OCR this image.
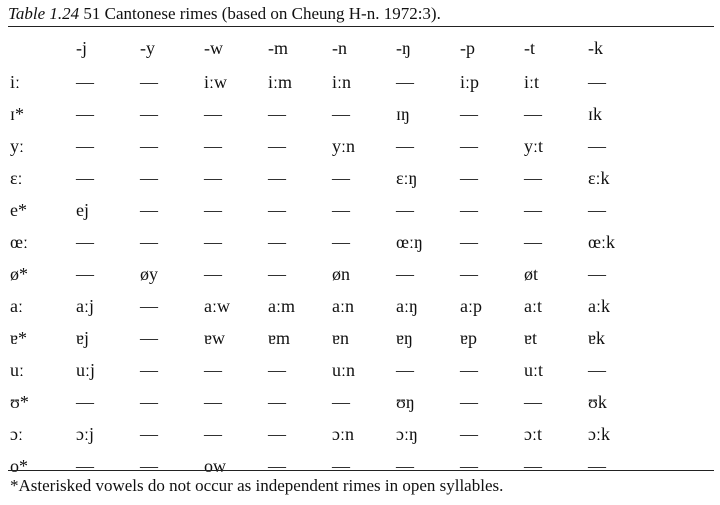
Table 1.24 51 Cantonese rimes (based on Cheung H-n. 1972:3).
	-j	-y	-w	-m	-n	-ŋ	-p	-t	-k
iː	—	—	iːw	iːm	iːn	—	iːp	iːt	—
ɪ*	—	—	—	—	—	ɪŋ	—	—	ɪk
yː	—	—	—	—	yːn	—	—	yːt	—
ɛː	—	—	—	—	—	ɛːŋ	—	—	ɛːk
e*	ej	—	—	—	—	—	—	—	—
œː	—	—	—	—	—	œːŋ	—	—	œːk
ø*	—	øy	—	—	øn	—	—	øt	—
aː	aːj	—	aːw	aːm	aːn	aːŋ	aːp	aːt	aːk
ɐ*	ɐj	—	ɐw	ɐm	ɐn	ɐŋ	ɐp	ɐt	ɐk
uː	uːj	—	—	—	uːn	—	—	uːt	—
ʊ*	—	—	—	—	—	ʊŋ	—	—	ʊk
ɔː	ɔːj	—	—	—	ɔːn	ɔːŋ	—	ɔːt	ɔːk
o*	—	—	ow	—	—	—	—	—	—
*Asterisked vowels do not occur as independent rimes in open syllables.
